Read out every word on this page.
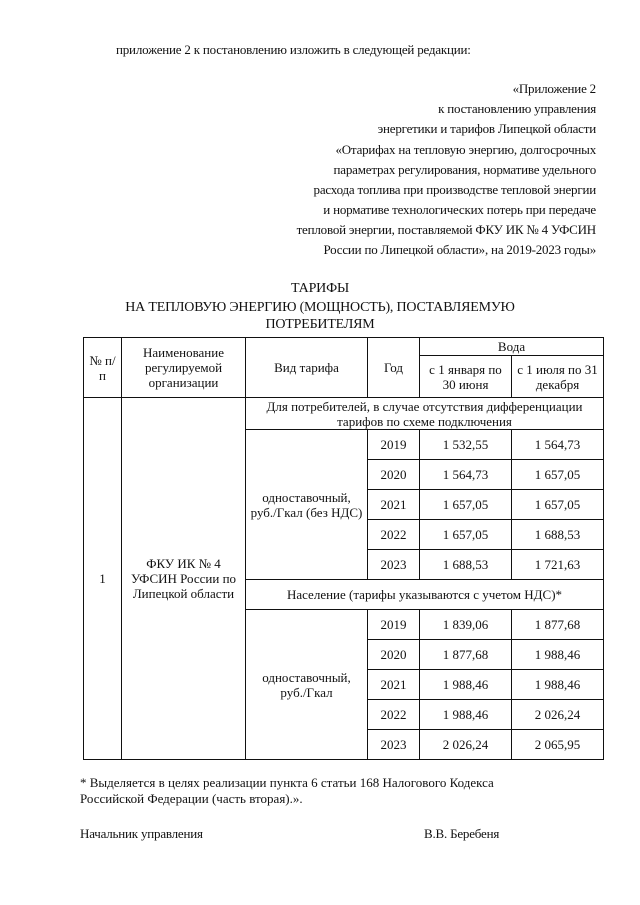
приложение 2 к постановлению изложить в следующей редакции:
«Приложение 2
к постановлению управления
энергетики и тарифов Липецкой области
«Отарифах на тепловую энергию, долгосрочных
параметрах регулирования, нормативе удельного
расхода топлива при производстве тепловой энергии
и нормативе технологических потерь при передаче
тепловой энергии, поставляемой ФКУ ИК № 4 УФСИН
России по Липецкой области», на 2019-2023 годы»
ТАРИФЫ
НА ТЕПЛОВУЮ ЭНЕРГИЮ (МОЩНОСТЬ), ПОСТАВЛЯЕМУЮ
ПОТРЕБИТЕЛЯМ
№ п/п	Наименование регулируемой организации	Вид тарифа	Год	Вода	
				с 1 января по 30 июня	с 1 июля по 31 декабря
1	ФКУ ИК № 4 УФСИН России по Липецкой области	Для потребителей, в случае отсутствия дифференциации тарифов по схеме подключения			
		одноставочный, руб./Гкал (без НДС)	2019	1 532,55	1 564,73
			2020	1 564,73	1 657,05
			2021	1 657,05	1 657,05
			2022	1 657,05	1 688,53
			2023	1 688,53	1 721,63
		Население (тарифы указываются с учетом НДС)*			
		одноставочный, руб./Гкал	2019	1 839,06	1 877,68
			2020	1 877,68	1 988,46
			2021	1 988,46	1 988,46
			2022	1 988,46	2 026,24
			2023	2 026,24	2 065,95
* Выделяется в целях реализации пункта 6 статьи 168 Налогового Кодекса
Российской Федерации (часть вторая).».
Начальник управления	В.В. Беребеня
